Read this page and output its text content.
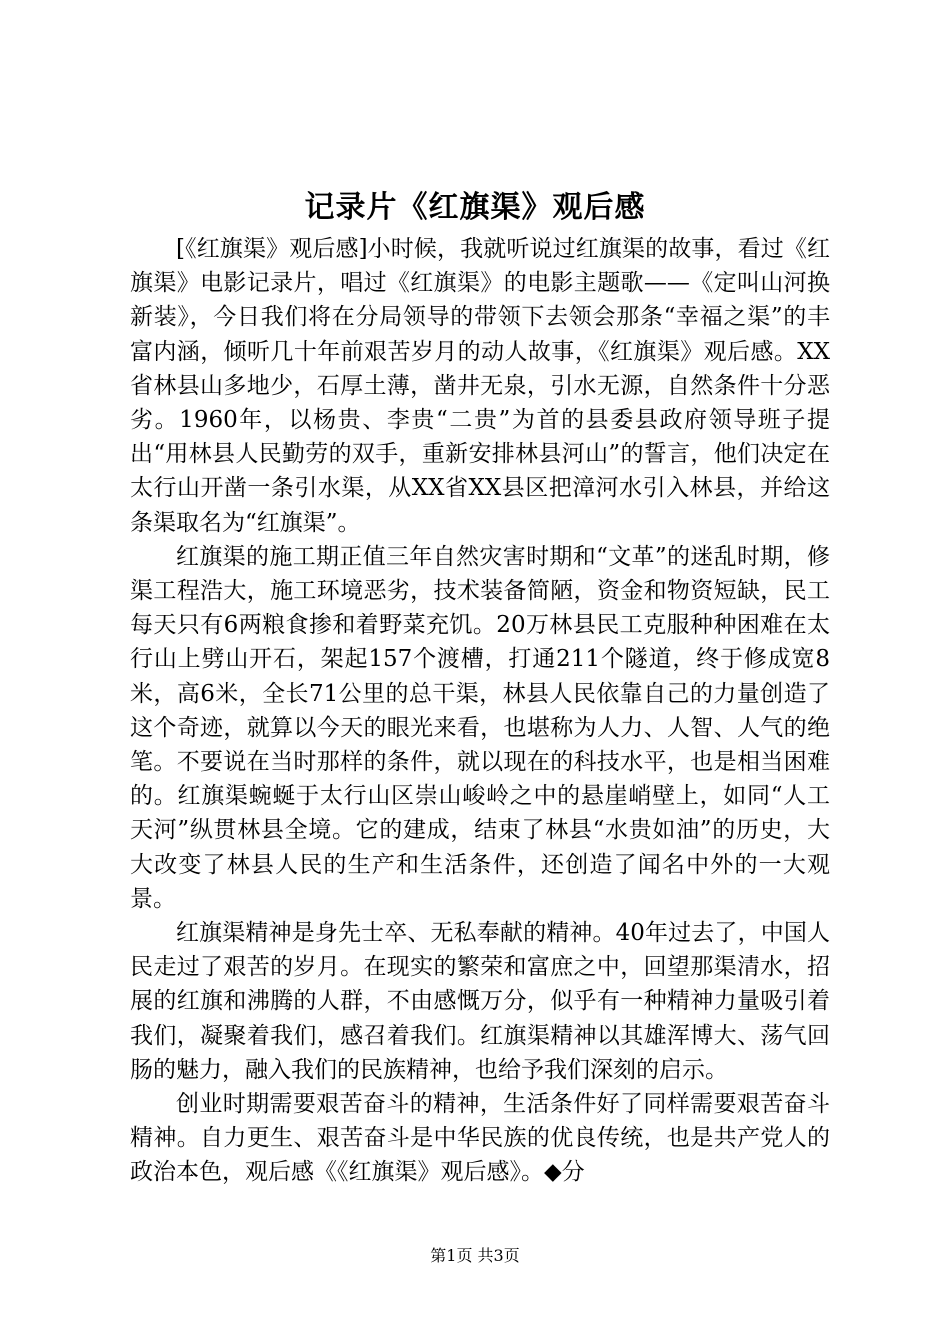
记录片《红旗渠》观后感

[《红旗渠》观后感]小时候，我就听说过红旗渠的故事，看过《红旗渠》电影记录片，唱过《红旗渠》的电影主题歌——《定叫山河换新装》，今日我们将在分局领导的带领下去领会那条“幸福之渠”的丰富内涵，倾听几十年前艰苦岁月的动人故事，《红旗渠》观后感。XX省林县山多地少，石厚土薄，凿井无泉，引水无源，自然条件十分恶劣。1960年，以杨贵、李贵“二贵”为首的县委县政府领导班子提出“用林县人民勤劳的双手，重新安排林县河山”的誓言，他们决定在太行山开凿一条引水渠，从XX省XX县区把漳河水引入林县，并给这条渠取名为“红旗渠”。

红旗渠的施工期正值三年自然灾害时期和“文革”的迷乱时期，修渠工程浩大，施工环境恶劣，技术装备简陋，资金和物资短缺，民工每天只有6两粮食掺和着野菜充饥。20万林县民工克服种种困难在太行山上劈山开石，架起157个渡槽，打通211个隧道，终于修成宽8米，高6米，全长71公里的总干渠，林县人民依靠自己的力量创造了这个奇迹，就算以今天的眼光来看，也堪称为人力、人智、人气的绝笔。不要说在当时那样的条件，就以现在的科技水平，也是相当困难的。红旗渠蜿蜒于太行山区崇山峻岭之中的悬崖峭壁上，如同“人工天河”纵贯林县全境。它的建成，结束了林县“水贵如油”的历史，大大改变了林县人民的生产和生活条件，还创造了闻名中外的一大观景。

红旗渠精神是身先士卒、无私奉献的精神。40年过去了，中国人民走过了艰苦的岁月。在现实的繁荣和富庶之中，回望那渠清水，招展的红旗和沸腾的人群，不由感慨万分，似乎有一种精神力量吸引着我们，凝聚着我们，感召着我们。红旗渠精神以其雄浑博大、荡气回肠的魅力，融入我们的民族精神，也给予我们深刻的启示。

创业时期需要艰苦奋斗的精神，生活条件好了同样需要艰苦奋斗精神。自力更生、艰苦奋斗是中华民族的优良传统，也是共产党人的政治本色，观后感《《红旗渠》观后感》。◆分

第1页 共3页
